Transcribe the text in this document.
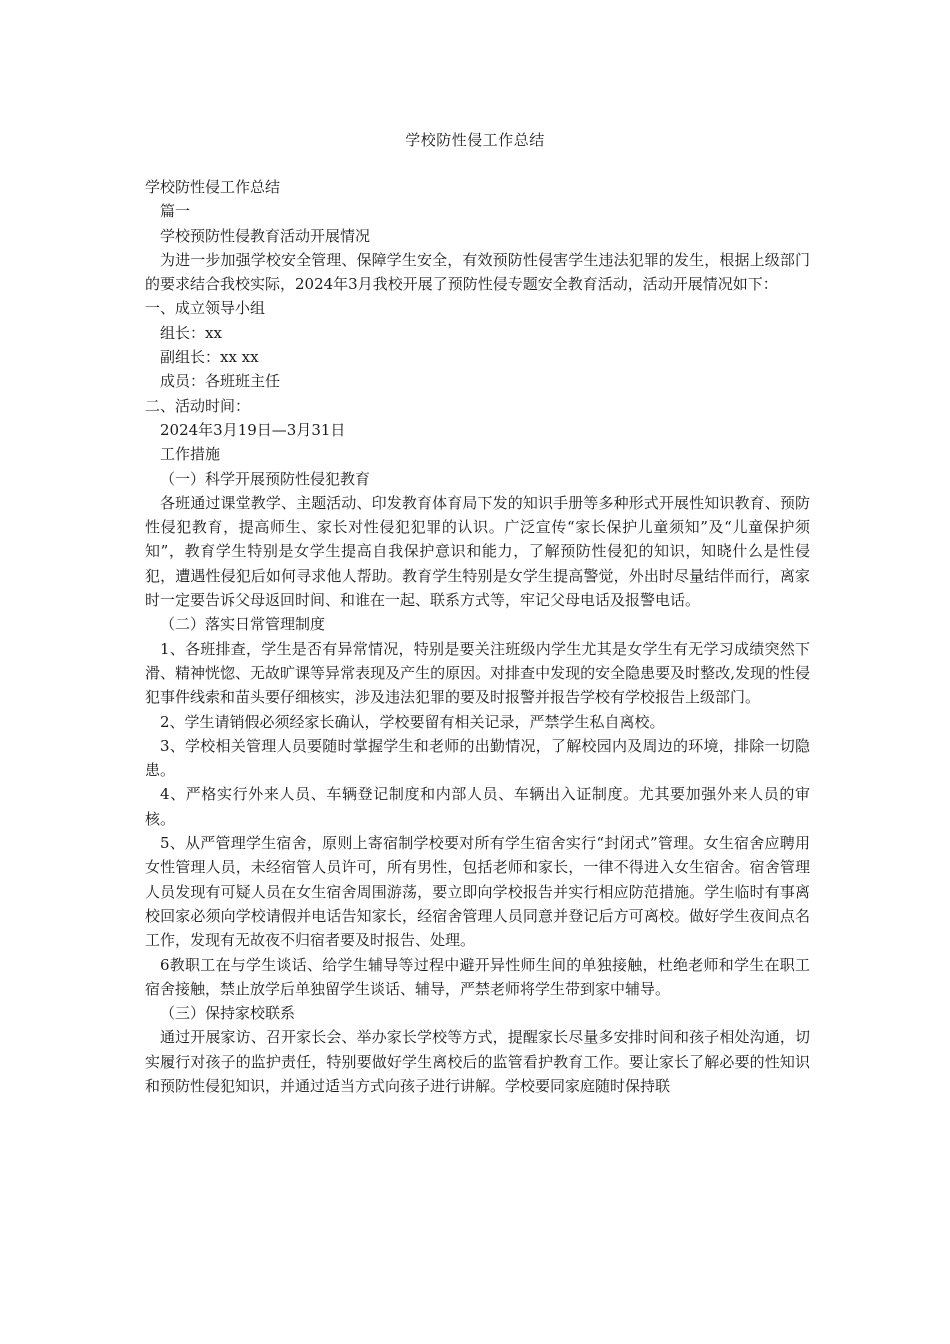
学校防性侵工作总结

学校防性侵工作总结

篇一

学校预防性侵教育活动开展情况

为进一步加强学校安全管理、保障学生安全，有效预防性侵害学生违法犯罪的发生，根据上级部门的要求结合我校实际，2024年3月我校开展了预防性侵专题安全教育活动，活动开展情况如下：

一、成立领导小组

组长：xx

副组长：xx xx

成员：各班班主任

二、活动时间：

2024年3月19日—3月31日

工作措施

（一）科学开展预防性侵犯教育

各班通过课堂教学、主题活动、印发教育体育局下发的知识手册等多种形式开展性知识教育、预防性侵犯教育，提高师生、家长对性侵犯犯罪的认识。广泛宣传“家长保护儿童须知”及“儿童保护须知”，教育学生特别是女学生提高自我保护意识和能力，了解预防性侵犯的知识，知晓什么是性侵犯，遭遇性侵犯后如何寻求他人帮助。教育学生特别是女学生提高警觉，外出时尽量结伴而行，离家时一定要告诉父母返回时间、和谁在一起、联系方式等，牢记父母电话及报警电话。

（二）落实日常管理制度

1、各班排查，学生是否有异常情况，特别是要关注班级内学生尤其是女学生有无学习成绩突然下滑、精神恍惚、无故旷课等异常表现及产生的原因。对排查中发现的安全隐患要及时整改,发现的性侵犯事件线索和苗头要仔细核实，涉及违法犯罪的要及时报警并报告学校有学校报告上级部门。

2、学生请销假必须经家长确认，学校要留有相关记录，严禁学生私自离校。

3、学校相关管理人员要随时掌握学生和老师的出勤情况，了解校园内及周边的环境，排除一切隐患。

4、严格实行外来人员、车辆登记制度和内部人员、车辆出入证制度。尤其要加强外来人员的审核。

5、从严管理学生宿舍，原则上寄宿制学校要对所有学生宿舍实行“封闭式”管理。女生宿舍应聘用女性管理人员，未经宿管人员许可，所有男性，包括老师和家长，一律不得进入女生宿舍。宿舍管理人员发现有可疑人员在女生宿舍周围游荡，要立即向学校报告并实行相应防范措施。学生临时有事离校回家必须向学校请假并电话告知家长，经宿舍管理人员同意并登记后方可离校。做好学生夜间点名工作，发现有无故夜不归宿者要及时报告、处理。

6教职工在与学生谈话、给学生辅导等过程中避开异性师生间的单独接触，杜绝老师和学生在职工宿舍接触，禁止放学后单独留学生谈话、辅导，严禁老师将学生带到家中辅导。

（三）保持家校联系

通过开展家访、召开家长会、举办家长学校等方式，提醒家长尽量多安排时间和孩子相处沟通，切实履行对孩子的监护责任，特别要做好学生离校后的监管看护教育工作。要让家长了解必要的性知识和预防性侵犯知识，并通过适当方式向孩子进行讲解。学校要同家庭随时保持联
